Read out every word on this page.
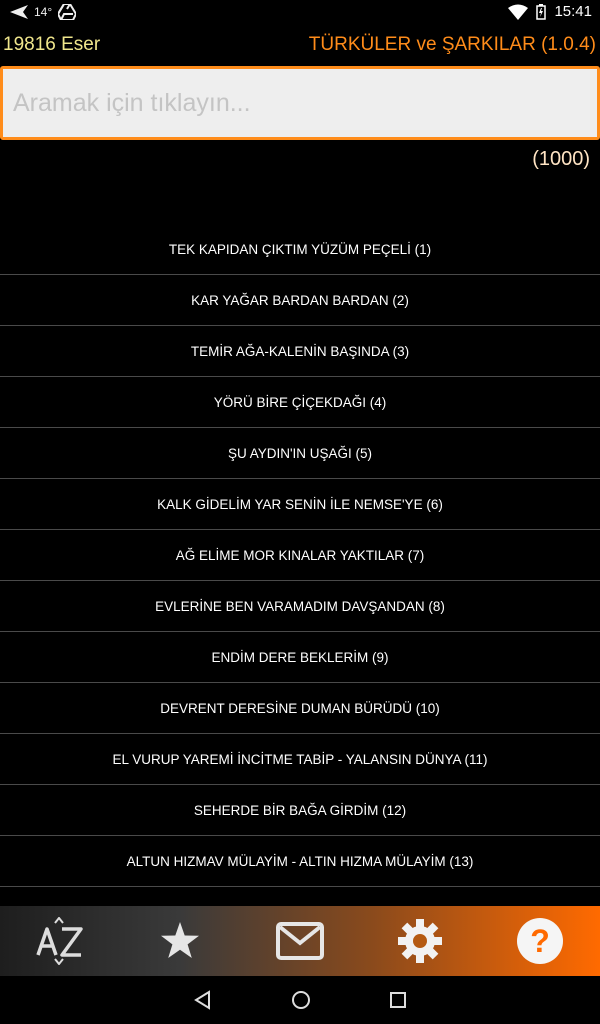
14°	15:41
19816 Eser	TÜRKÜLER ve ŞARKILAR (1.0.4)
Aramak için tıklayın...
(1000)
TEK KAPIDAN ÇIKTIM YÜZÜM PEÇELİ (1)
KAR YAĞAR BARDAN BARDAN (2)
TEMİR AĞA-KALENİN BAŞINDA (3)
YÖRÜ BİRE ÇİÇEKDAĞI (4)
ŞU AYDIN'IN UŞAĞI (5)
KALK GİDELİM YAR SENİN İLE NEMSE'YE (6)
AĞ ELİME MOR KINALAR YAKTILAR (7)
EVLERİNE BEN VARAMADIM DAVŞANDAN (8)
ENDİM DERE BEKLERİM (9)
DEVRENT DERESİNE DUMAN BÜRÜDÜ (10)
EL VURUP YAREMİ İNCİTME TABİP - YALANSIN DÜNYA (11)
SEHERDE BİR BAĞA GİRDİM (12)
ALTUN HIZMAV MÜLAYİM - ALTIN HIZMA MÜLAYİM (13)
?
